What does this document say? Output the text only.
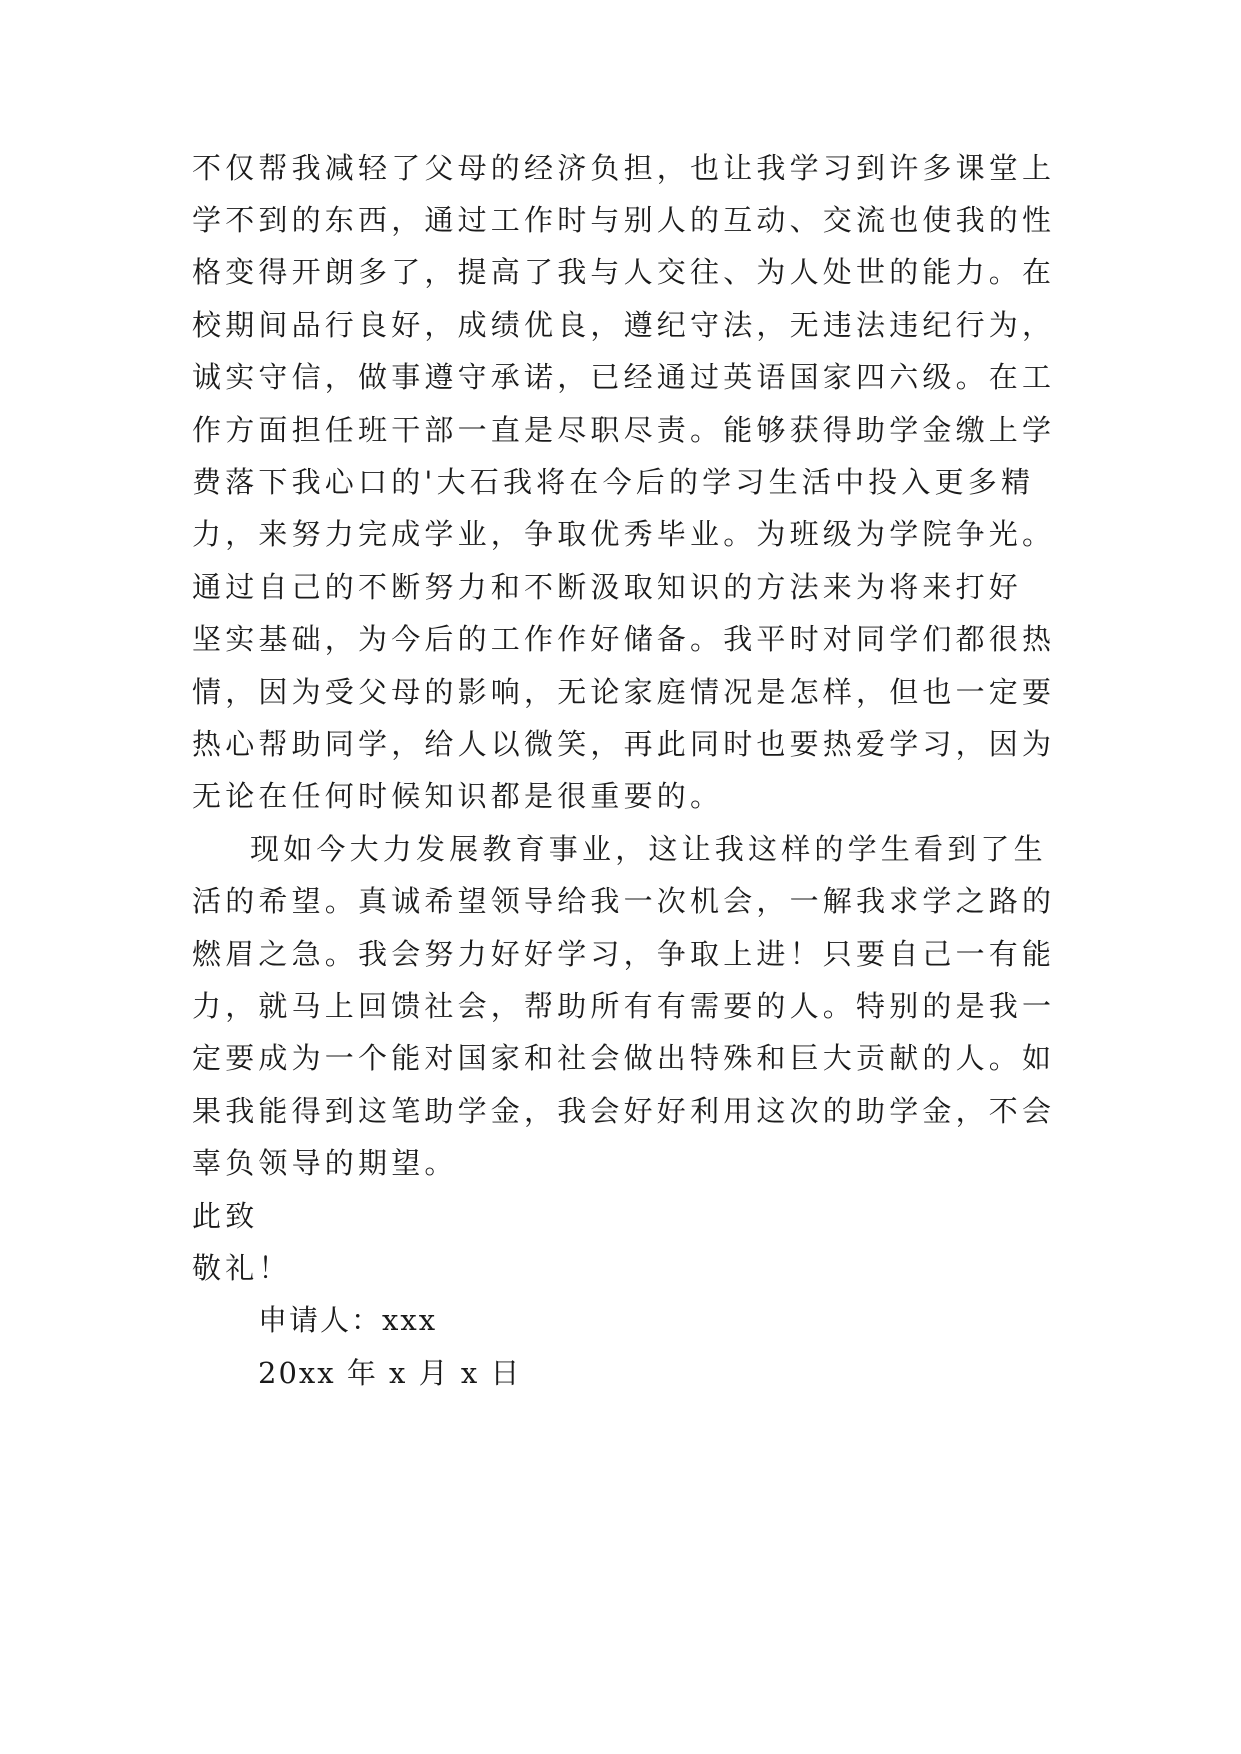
不仅帮我减轻了父母的经济负担，也让我学习到许多课堂上
学不到的东西，通过工作时与别人的互动、交流也使我的性
格变得开朗多了，提高了我与人交往、为人处世的能力。在
校期间品行良好，成绩优良，遵纪守法，无违法违纪行为，
诚实守信，做事遵守承诺，已经通过英语国家四六级。在工
作方面担任班干部一直是尽职尽责。能够获得助学金缴上学
费落下我心口的'大石我将在今后的学习生活中投入更多精
力，来努力完成学业，争取优秀毕业。为班级为学院争光。
通过自己的不断努力和不断汲取知识的方法来为将来打好
坚实基础，为今后的工作作好储备。我平时对同学们都很热
情，因为受父母的影响，无论家庭情况是怎样，但也一定要
热心帮助同学，给人以微笑，再此同时也要热爱学习，因为
无论在任何时候知识都是很重要的。
现如今大力发展教育事业，这让我这样的学生看到了生
活的希望。真诚希望领导给我一次机会，一解我求学之路的
燃眉之急。我会努力好好学习，争取上进！只要自己一有能
力，就马上回馈社会，帮助所有有需要的人。特别的是我一
定要成为一个能对国家和社会做出特殊和巨大贡献的人。如
果我能得到这笔助学金，我会好好利用这次的助学金，不会
辜负领导的期望。
此致
敬礼！
申请人：xxx
20xx 年 x 月 x 日
